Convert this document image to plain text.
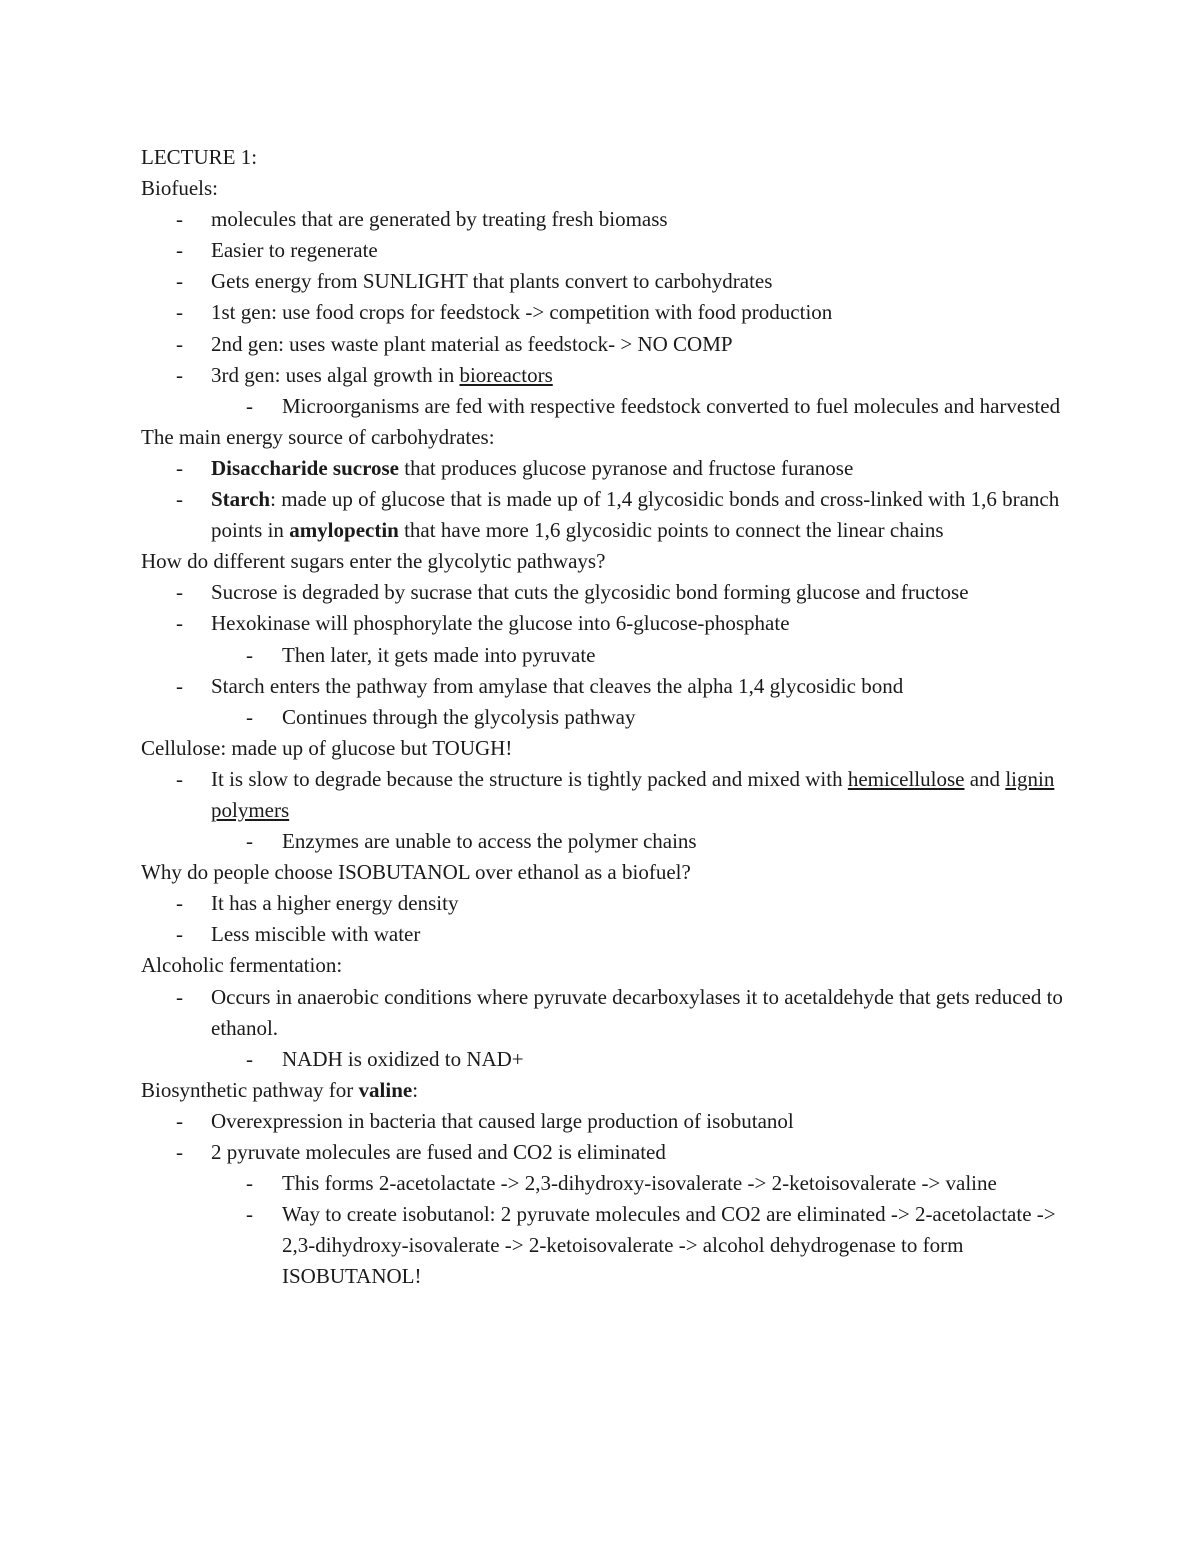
LECTURE 1:
Biofuels:
- molecules that are generated by treating fresh biomass
- Easier to regenerate
- Gets energy from SUNLIGHT that plants convert to carbohydrates
- 1st gen: use food crops for feedstock -> competition with food production
- 2nd gen: uses waste plant material as feedstock- > NO COMP
- 3rd gen: uses algal growth in bioreactors
- Microorganisms are fed with respective feedstock converted to fuel molecules and harvested
The main energy source of carbohydrates:
- Disaccharide sucrose that produces glucose pyranose and fructose furanose
- Starch: made up of glucose that is made up of 1,4 glycosidic bonds and cross-linked with 1,6 branch points in amylopectin that have more 1,6 glycosidic points to connect the linear chains
How do different sugars enter the glycolytic pathways?
- Sucrose is degraded by sucrase that cuts the glycosidic bond forming glucose and fructose
- Hexokinase will phosphorylate the glucose into 6-glucose-phosphate
- Then later, it gets made into pyruvate
- Starch enters the pathway from amylase that cleaves the alpha 1,4 glycosidic bond
- Continues through the glycolysis pathway
Cellulose: made up of glucose but TOUGH!
- It is slow to degrade because the structure is tightly packed and mixed with hemicellulose and lignin polymers
- Enzymes are unable to access the polymer chains
Why do people choose ISOBUTANOL over ethanol as a biofuel?
- It has a higher energy density
- Less miscible with water
Alcoholic fermentation:
- Occurs in anaerobic conditions where pyruvate decarboxylases it to acetaldehyde that gets reduced to ethanol.
- NADH is oxidized to NAD+
Biosynthetic pathway for valine:
- Overexpression in bacteria that caused large production of isobutanol
- 2 pyruvate molecules are fused and CO2 is eliminated
- This forms 2-acetolactate -> 2,3-dihydroxy-isovalerate -> 2-ketoisovalerate -> valine
- Way to create isobutanol: 2 pyruvate molecules and CO2 are eliminated -> 2-acetolactate -> 2,3-dihydroxy-isovalerate -> 2-ketoisovalerate -> alcohol dehydrogenase to form ISOBUTANOL!
